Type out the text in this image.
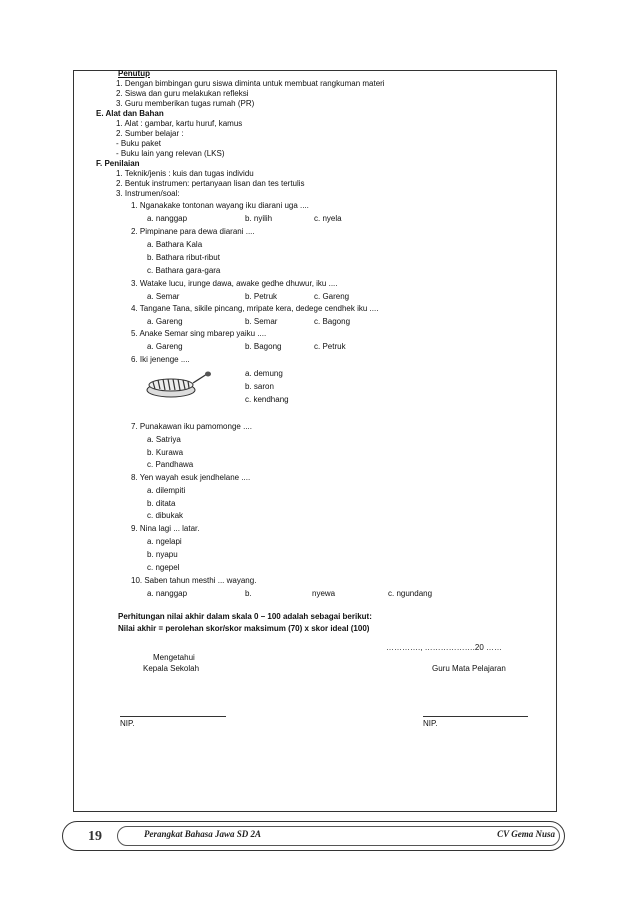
Penutup
1. Dengan bimbingan guru siswa diminta untuk membuat rangkuman materi
2. Siswa dan guru melakukan refleksi
3. Guru memberikan tugas rumah (PR)
E. Alat dan Bahan
1. Alat : gambar, kartu huruf, kamus
2. Sumber belajar :
- Buku paket
- Buku lain yang relevan (LKS)
F. Penilaian
1. Teknik/jenis : kuis dan tugas individu
2. Bentuk instrumen: pertanyaan lisan dan tes tertulis
3. Instrumen/soal:
1. Nganakake tontonan wayang iku diarani uga ....
a. nanggap	b. nyilih	c. nyela
2. Pimpinane para dewa diarani ....
a. Bathara Kala
b. Bathara ribut-ribut
c. Bathara gara-gara
3. Watake lucu, irunge dawa, awake gedhe dhuwur, iku ....
a. Semar	b. Petruk	c. Gareng
4. Tangane Tana, sikile pincang, mripate kera, dedege cendhek iku ....
a. Gareng	b. Semar	c. Bagong
5. Anake Semar sing mbarep yaiku ....
a. Gareng	b. Bagong	c. Petruk
6. Iki jenenge ....
a. demung
b. saron
c. kendhang
7. Punakawan iku pamomonge ....
a. Satriya
b. Kurawa
c. Pandhawa
8. Yen wayah esuk jendhelane ....
a. dilempiti
b. ditata
c. dibukak
9. Nina lagi ... latar.
a. ngelapi
b. nyapu
c. ngepel
10. Saben tahun mesthi ... wayang.
a. nanggap	b.	nyewa	c. ngundang
Perhitungan nilai akhir dalam skala 0 – 100 adalah sebagai berikut:
Nilai akhir = perolehan skor/skor maksimum (70) x skor ideal (100)
…………., ……………….20 ……
Mengetahui
Kepala Sekolah	Guru Mata Pelajaran
NIP.	NIP.
19	Perangkat Bahasa Jawa SD 2A	CV Gema Nusa
